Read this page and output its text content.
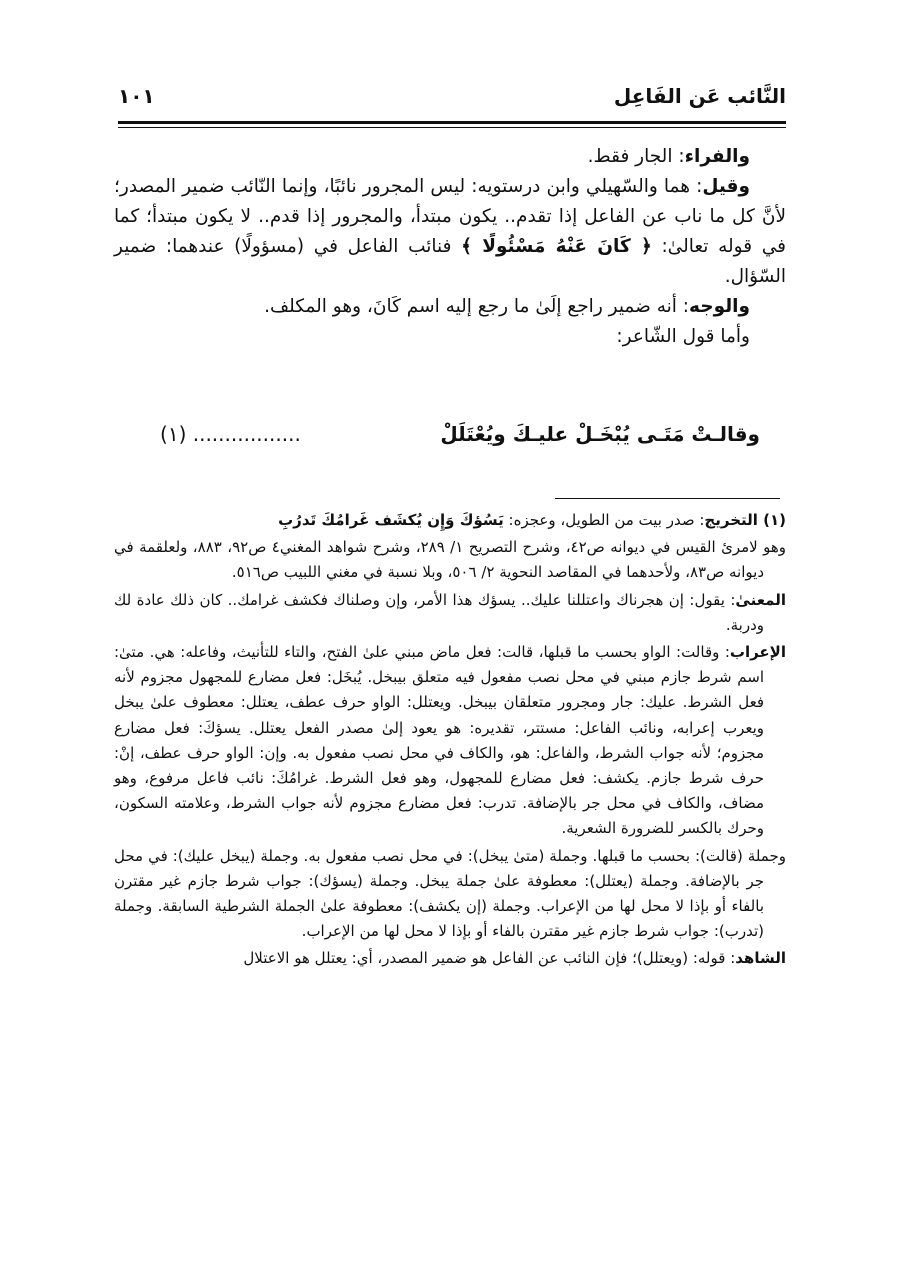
النَّائب عَن الفَاعِل
١٠١

والفراء: الجار فقط.

وقيل: هما والسّهيلي وابن درستويه: ليس المجرور نائبًا، وإنما النّائب ضمير المصدر؛ لأنَّ كل ما ناب عن الفاعل إذا تقدم.. يكون مبتدأ، والمجرور إذا قدم.. لا يكون مبتدأ؛ كما في قوله تعالىٰ: ﴿ كَانَ عَنْهُ مَسْئُولًا ﴾ فنائب الفاعل في (مسؤولًا) عندهما: ضمير السّؤال.

والوجه: أنه ضمير راجع إلَىٰ ما رجع إليه اسم كَانَ، وهو المكلف.

وأما قول الشّاعر:

وقالـتْ مَتَـى يُبْخَـلْ عليـكَ ويُعْتَلَلْ
................. (١)

(١) التخريج: صدر بيت من الطويل، وعجزه: يَسُؤكَ وَإِن يُكشَف غَرامُكَ تَدرُبِ

وهو لامرئ القيس في ديوانه ص٤٢، وشرح التصريح ١/ ٢٨٩، وشرح شواهد المغني٤ ص٩٢، ٨٨٣، ولعلقمة في ديوانه ص٨٣، ولأحدهما في المقاصد النحوية ٢/ ٥٠٦، وبلا نسبة في مغني اللبيب ص٥١٦.

المعنىٰ: يقول: إن هجرناك واعتللنا عليك.. يسؤك هذا الأمر، وإن وصلناك فكشف غرامك.. كان ذلك عادة لك ودربة.

الإعراب: وقالت: الواو بحسب ما قبلها، قالت: فعل ماض مبني علىٰ الفتح، والتاء للتأنيث، وفاعله: هي. متىٰ: اسم شرط جازم مبني في محل نصب مفعول فيه متعلق بيبخل. يُبخَل: فعل مضارع للمجهول مجزوم لأنه فعل الشرط. عليك: جار ومجرور متعلقان بيبخل. ويعتلل: الواو حرف عطف، يعتلل: معطوف علىٰ يبخل ويعرب إعرابه، ونائب الفاعل: مستتر، تقديره: هو يعود إلىٰ مصدر الفعل يعتلل. يسؤكَ: فعل مضارع مجزوم؛ لأنه جواب الشرط، والفاعل: هو، والكاف في محل نصب مفعول به. وإن: الواو حرف عطف، إنْ: حرف شرط جازم. يكشف: فعل مضارع للمجهول، وهو فعل الشرط. غرامُكَ: نائب فاعل مرفوع، وهو مضاف، والكاف في محل جر بالإضافة. تدرب: فعل مضارع مجزوم لأنه جواب الشرط، وعلامته السكون، وحرك بالكسر للضرورة الشعرية.

وجملة (قالت): بحسب ما قبلها. وجملة (متىٰ يبخل): في محل نصب مفعول به. وجملة (يبخل عليك): في محل جر بالإضافة. وجملة (يعتلل): معطوفة علىٰ جملة يبخل. وجملة (يسؤك): جواب شرط جازم غير مقترن بالفاء أو بإذا لا محل لها من الإعراب. وجملة (إن يكشف): معطوفة علىٰ الجملة الشرطية السابقة. وجملة (تدرب): جواب شرط جازم غير مقترن بالفاء أو بإذا لا محل لها من الإعراب.

الشاهد: قوله: (ويعتلل)؛ فإن النائب عن الفاعل هو ضمير المصدر، أي: يعتلل هو الاعتلال
